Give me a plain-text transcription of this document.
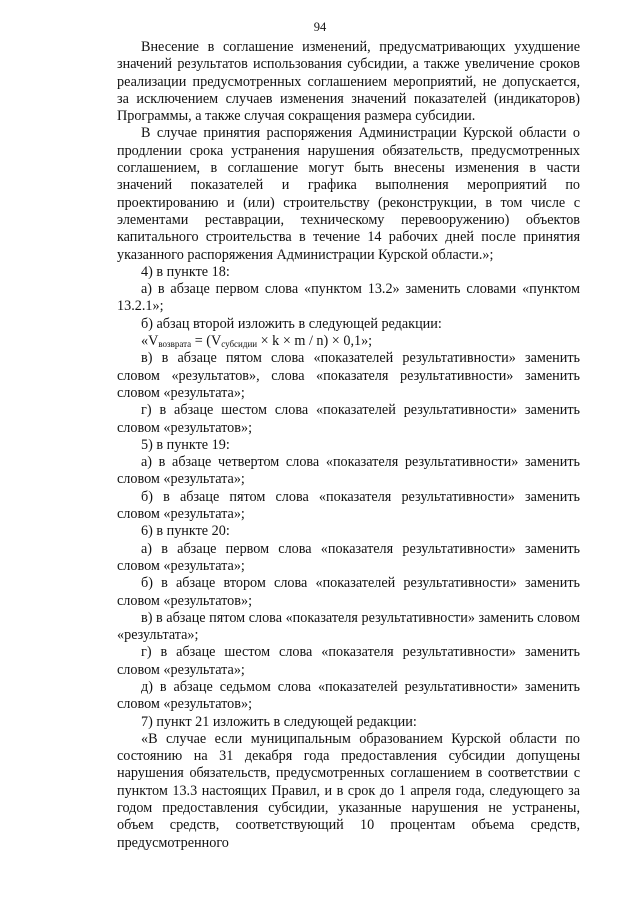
94

Внесение в соглашение изменений, предусматривающих ухудшение значений результатов использования субсидии, а также увеличение сроков реализации предусмотренных соглашением мероприятий, не допускается, за исключением случаев изменения значений показателей (индикаторов) Программы, а также случая сокращения размера субсидии.

В случае принятия распоряжения Администрации Курской области о продлении срока устранения нарушения обязательств, предусмотренных соглашением, в соглашение могут быть внесены изменения в части значений показателей и графика выполнения мероприятий по проектированию и (или) строительству (реконструкции, в том числе с элементами реставрации, техническому перевооружению) объектов капитального строительства в течение 14 рабочих дней после принятия указанного распоряжения Администрации Курской области.»;

4) в пункте 18:

а) в абзаце первом слова «пунктом 13.2» заменить словами «пунктом 13.2.1»;

б) абзац второй изложить в следующей редакции:

«$V_{возврата} = (V_{субсидии} \times k \times m / n) \times 0,1$»;

в) в абзаце пятом слова «показателей результативности» заменить словом «результатов», слова «показателя результативности» заменить словом «результата»;

г) в абзаце шестом слова «показателей результативности» заменить словом «результатов»;

5) в пункте 19:

а) в абзаце четвертом слова «показателя результативности» заменить словом «результата»;

б) в абзаце пятом слова «показателя результативности» заменить словом «результата»;

6) в пункте 20:

а) в абзаце первом слова «показателя результативности» заменить словом «результата»;

б) в абзаце втором слова «показателей результативности» заменить словом «результатов»;

в) в абзаце пятом слова «показателя результативности» заменить словом «результата»;

г) в абзаце шестом слова «показателя результативности» заменить словом «результата»;

д) в абзаце седьмом слова «показателей результативности» заменить словом «результатов»;

7) пункт 21 изложить в следующей редакции:

«В случае если муниципальным образованием Курской области по состоянию на 31 декабря года предоставления субсидии допущены нарушения обязательств, предусмотренных соглашением в соответствии с пунктом 13.3 настоящих Правил, и в срок до 1 апреля года, следующего за годом предоставления субсидии, указанные нарушения не устранены, объем средств, соответствующий 10 процентам объема средств, предусмотренного
